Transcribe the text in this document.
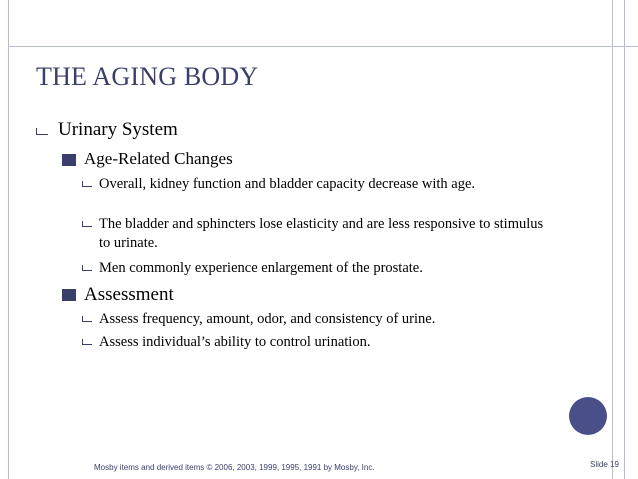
THE AGING BODY
Urinary System
Age-Related Changes
Overall, kidney function and bladder capacity decrease with age.
The bladder and sphincters lose elasticity and are less responsive to stimulus to urinate.
Men commonly experience enlargement of the prostate.
Assessment
Assess frequency, amount, odor, and consistency of urine.
Assess individual’s ability to control urination.
Mosby items and derived items © 2006, 2003, 1999, 1995, 1991 by Mosby, Inc.	Slide 19
